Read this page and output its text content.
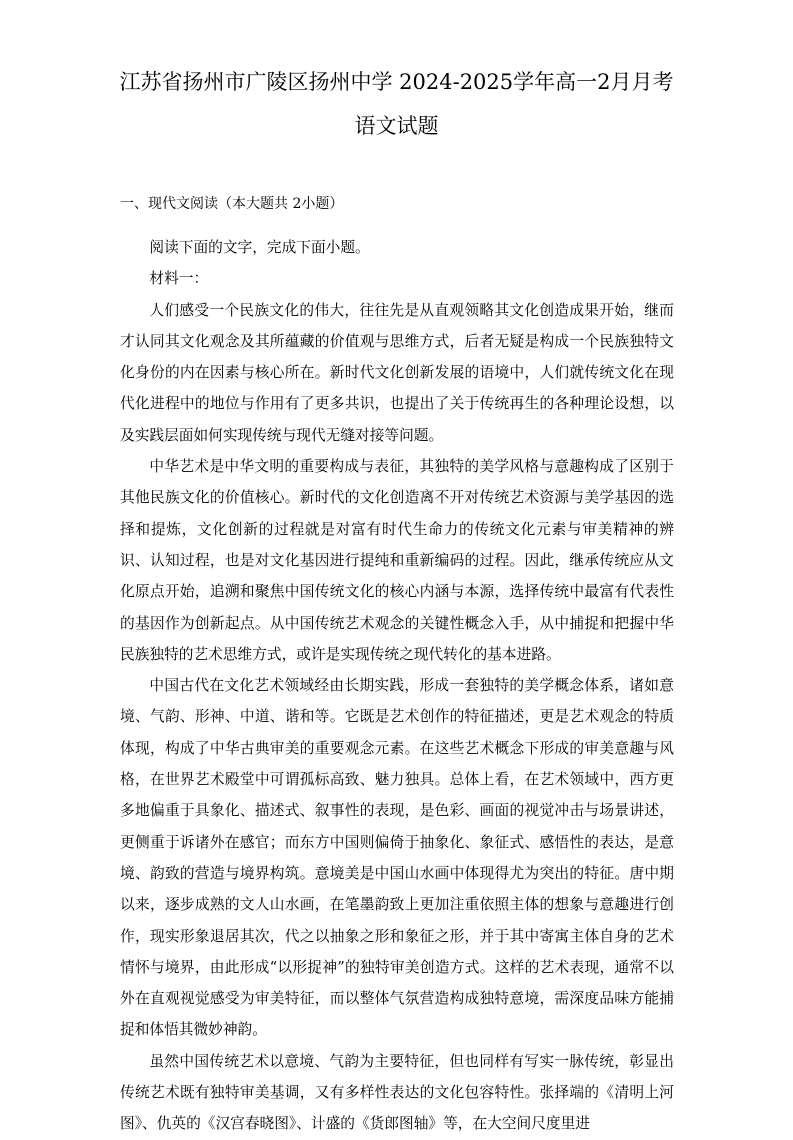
江苏省扬州市广陵区扬州中学 2024-2025学年高一2月月考
语文试题
一、现代文阅读（本大题共 2小题）

阅读下面的文字，完成下面小题。

材料一：

人们感受一个民族文化的伟大，往往先是从直观领略其文化创造成果开始，继而才认同其文化观念及其所蕴藏的价值观与思维方式，后者无疑是构成一个民族独特文化身份的内在因素与核心所在。新时代文化创新发展的语境中，人们就传统文化在现代化进程中的地位与作用有了更多共识，也提出了关于传统再生的各种理论设想，以及实践层面如何实现传统与现代无缝对接等问题。

中华艺术是中华文明的重要构成与表征，其独特的美学风格与意趣构成了区别于其他民族文化的价值核心。新时代的文化创造离不开对传统艺术资源与美学基因的选择和提炼，文化创新的过程就是对富有时代生命力的传统文化元素与审美精神的辨识、认知过程，也是对文化基因进行提纯和重新编码的过程。因此，继承传统应从文化原点开始，追溯和聚焦中国传统文化的核心内涵与本源，选择传统中最富有代表性的基因作为创新起点。从中国传统艺术观念的关键性概念入手，从中捕捉和把握中华民族独特的艺术思维方式，或许是实现传统之现代转化的基本进路。

中国古代在文化艺术领域经由长期实践，形成一套独特的美学概念体系，诸如意境、气韵、形神、中道、谐和等。它既是艺术创作的特征描述，更是艺术观念的特质体现，构成了中华古典审美的重要观念元素。在这些艺术概念下形成的审美意趣与风格，在世界艺术殿堂中可谓孤标高致、魅力独具。总体上看，在艺术领域中，西方更多地偏重于具象化、描述式、叙事性的表现，是色彩、画面的视觉冲击与场景讲述，更侧重于诉诸外在感官；而东方中国则偏倚于抽象化、象征式、感悟性的表达，是意境、韵致的营造与境界构筑。意境美是中国山水画中体现得尤为突出的特征。唐中期以来，逐步成熟的文人山水画，在笔墨韵致上更加注重依照主体的想象与意趣进行创作，现实形象退居其次，代之以抽象之形和象征之形，并于其中寄寓主体自身的艺术情怀与境界，由此形成“以形捉神”的独特审美创造方式。这样的艺术表现，通常不以外在直观视觉感受为审美特征，而以整体气氛营造构成独特意境，需深度品味方能捕捉和体悟其微妙神韵。

虽然中国传统艺术以意境、气韵为主要特征，但也同样有写实一脉传统，彰显出传统艺术既有独特审美基调，又有多样性表达的文化包容特性。张择端的《清明上河图》、仇英的《汉宫春晓图》、计盛的《货郎图轴》等，在大空间尺度里进
